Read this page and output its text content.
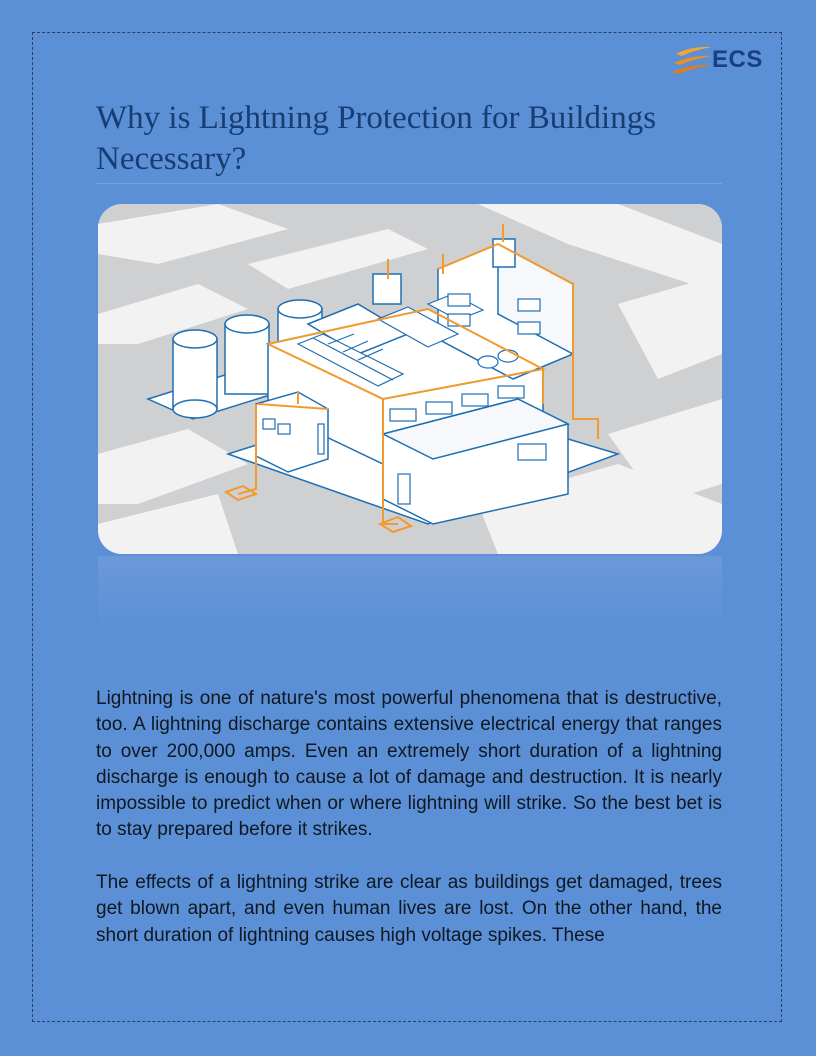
ECS
Why is Lightning Protection for Buildings Necessary?

Lightning is one of nature's most powerful phenomena that is destructive, too. A lightning discharge contains extensive electrical energy that ranges to over 200,000 amps. Even an extremely short duration of a lightning discharge is enough to cause a lot of damage and destruction. It is nearly impossible to predict when or where lightning will strike. So the best bet is to stay prepared before it strikes.

The effects of a lightning strike are clear as buildings get damaged, trees get blown apart, and even human lives are lost. On the other hand, the short duration of lightning causes high voltage spikes. These
